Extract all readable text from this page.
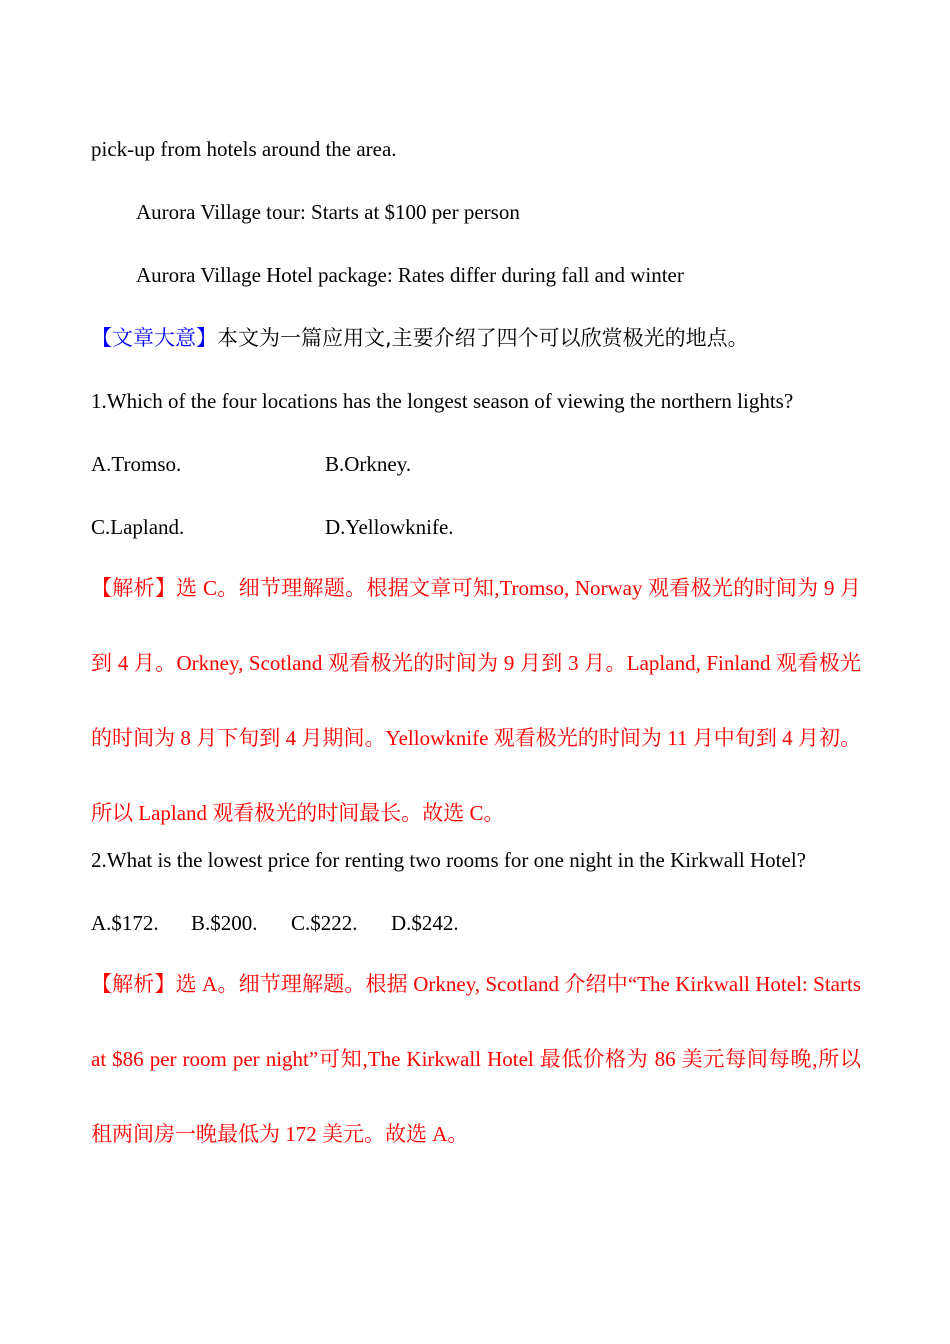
pick-up from hotels around the area.
Aurora Village tour: Starts at $100 per person
Aurora Village Hotel package: Rates differ during fall and winter
【文章大意】本文为一篇应用文,主要介绍了四个可以欣赏极光的地点。
1.Which of the four locations has the longest season of viewing the northern lights?
A.Tromso.	B.Orkney.
C.Lapland.	D.Yellowknife.
【解析】选 C。细节理解题。根据文章可知,Tromso, Norway 观看极光的时间为 9 月到 4 月。Orkney, Scotland 观看极光的时间为 9 月到 3 月。Lapland, Finland 观看极光的时间为 8 月下旬到 4 月期间。Yellowknife 观看极光的时间为 11 月中旬到 4 月初。所以 Lapland 观看极光的时间最长。故选 C。
2.What is the lowest price for renting two rooms for one night in the Kirkwall Hotel?
A.$172. B.$200. C.$222. D.$242.
【解析】选 A。细节理解题。根据 Orkney, Scotland 介绍中“The Kirkwall Hotel: Starts at $86 per room per night”可知,The Kirkwall Hotel 最低价格为 86 美元每间每晚,所以租两间房一晚最低为 172 美元。故选 A。
